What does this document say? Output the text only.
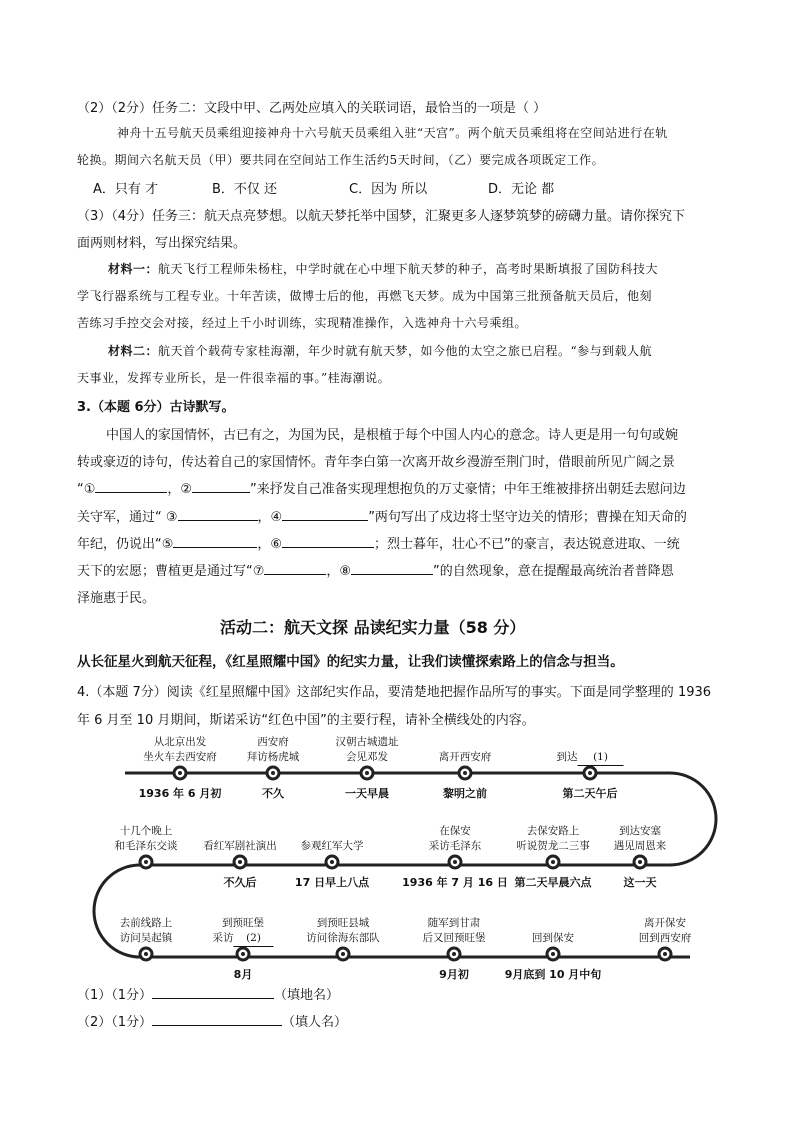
（2）（2分）任务二：文段中甲、乙两处应填入的关联词语，最恰当的一项是（ ）
神舟十五号航天员乘组迎接神舟十六号航天员乘组入驻“天宫”。两个航天员乘组将在空间站进行在轨
轮换。期间六名航天员（甲）要共同在空间站工作生活约5天时间，（乙）要完成各项既定工作。
A．只有 才	B．不仅 还	C．因为 所以	D．无论 都
（3）（4分）任务三：航天点亮梦想。以航天梦托举中国梦，汇聚更多人逐梦筑梦的磅礴力量。请你探究下
面两则材料，写出探究结果。
材料一：航天飞行工程师朱杨柱，中学时就在心中埋下航天梦的种子，高考时果断填报了国防科技大
学飞行器系统与工程专业。十年苦读，做博士后的他，再燃飞天梦。成为中国第三批预备航天员后，他刻
苦练习手控交会对接，经过上千小时训练，实现精准操作，入选神舟十六号乘组。
材料二：航天首个载荷专家桂海潮，年少时就有航天梦，如今他的太空之旅已启程。“参与到载人航
天事业，发挥专业所长，是一件很幸福的事。”桂海潮说。
3.（本题 6分）古诗默写。
中国人的家国情怀，古已有之，为国为民，是根植于每个中国人内心的意念。诗人更是用一句句或婉
转或豪迈的诗句，传达着自己的家国情怀。青年李白第一次离开故乡漫游至荆门时，借眼前所见广阔之景
“①	，②	”来抒发自己准备实现理想抱负的万丈豪情；中年王维被排挤出朝廷去慰问边
关守军，通过“ ③	，④	”两句写出了戍边将士坚守边关的情形；曹操在知天命的
年纪，仍说出“⑤	，⑥	；烈士暮年，壮心不已”的豪言，表达锐意进取、一统
天下的宏愿；曹植更是通过写“⑦	，⑧	”的自然现象，意在提醒最高统治者普降恩
泽施惠于民。
活动二：航天文探 品读纪实力量（58 分）
从长征星火到航天征程，《红星照耀中国》的纪实力量，让我们读懂探索路上的信念与担当。
4.（本题 7分）阅读《红星照耀中国》这部纪实作品，要清楚地把握作品所写的事实。下面是同学整理的 1936
年 6 月至 10 月期间，斯诺采访“红色中国”的主要行程，请补全横线处的内容。
从北京出发
坐火车去西安府
1936 年 6 月初
西安府
拜访杨虎城
不久
汉朝古城遗址
会见邓发
一天早晨
离开西安府
黎明之前
到达 (1)
第二天午后
十几个晚上
和毛泽东交谈 看红军剧社演出
不久后
参观红军大学
17 日早上八点
在保安
采访毛泽东
1936 年 7 月 16 日
去保安路上
听说贺龙二三事
第二天早晨六点
到达安塞
遇见周恩来
这一天
去前线路上
访问吴起镇
到预旺堡
采访 (2)
8月
到预旺县城
访问徐海东部队
随军到甘肃
后又回预旺堡
9月初
回到保安
9月底到 10 月中旬
离开保安
回到西安府
（1）（1分）	（填地名）
（2）（1分）	（填人名）
